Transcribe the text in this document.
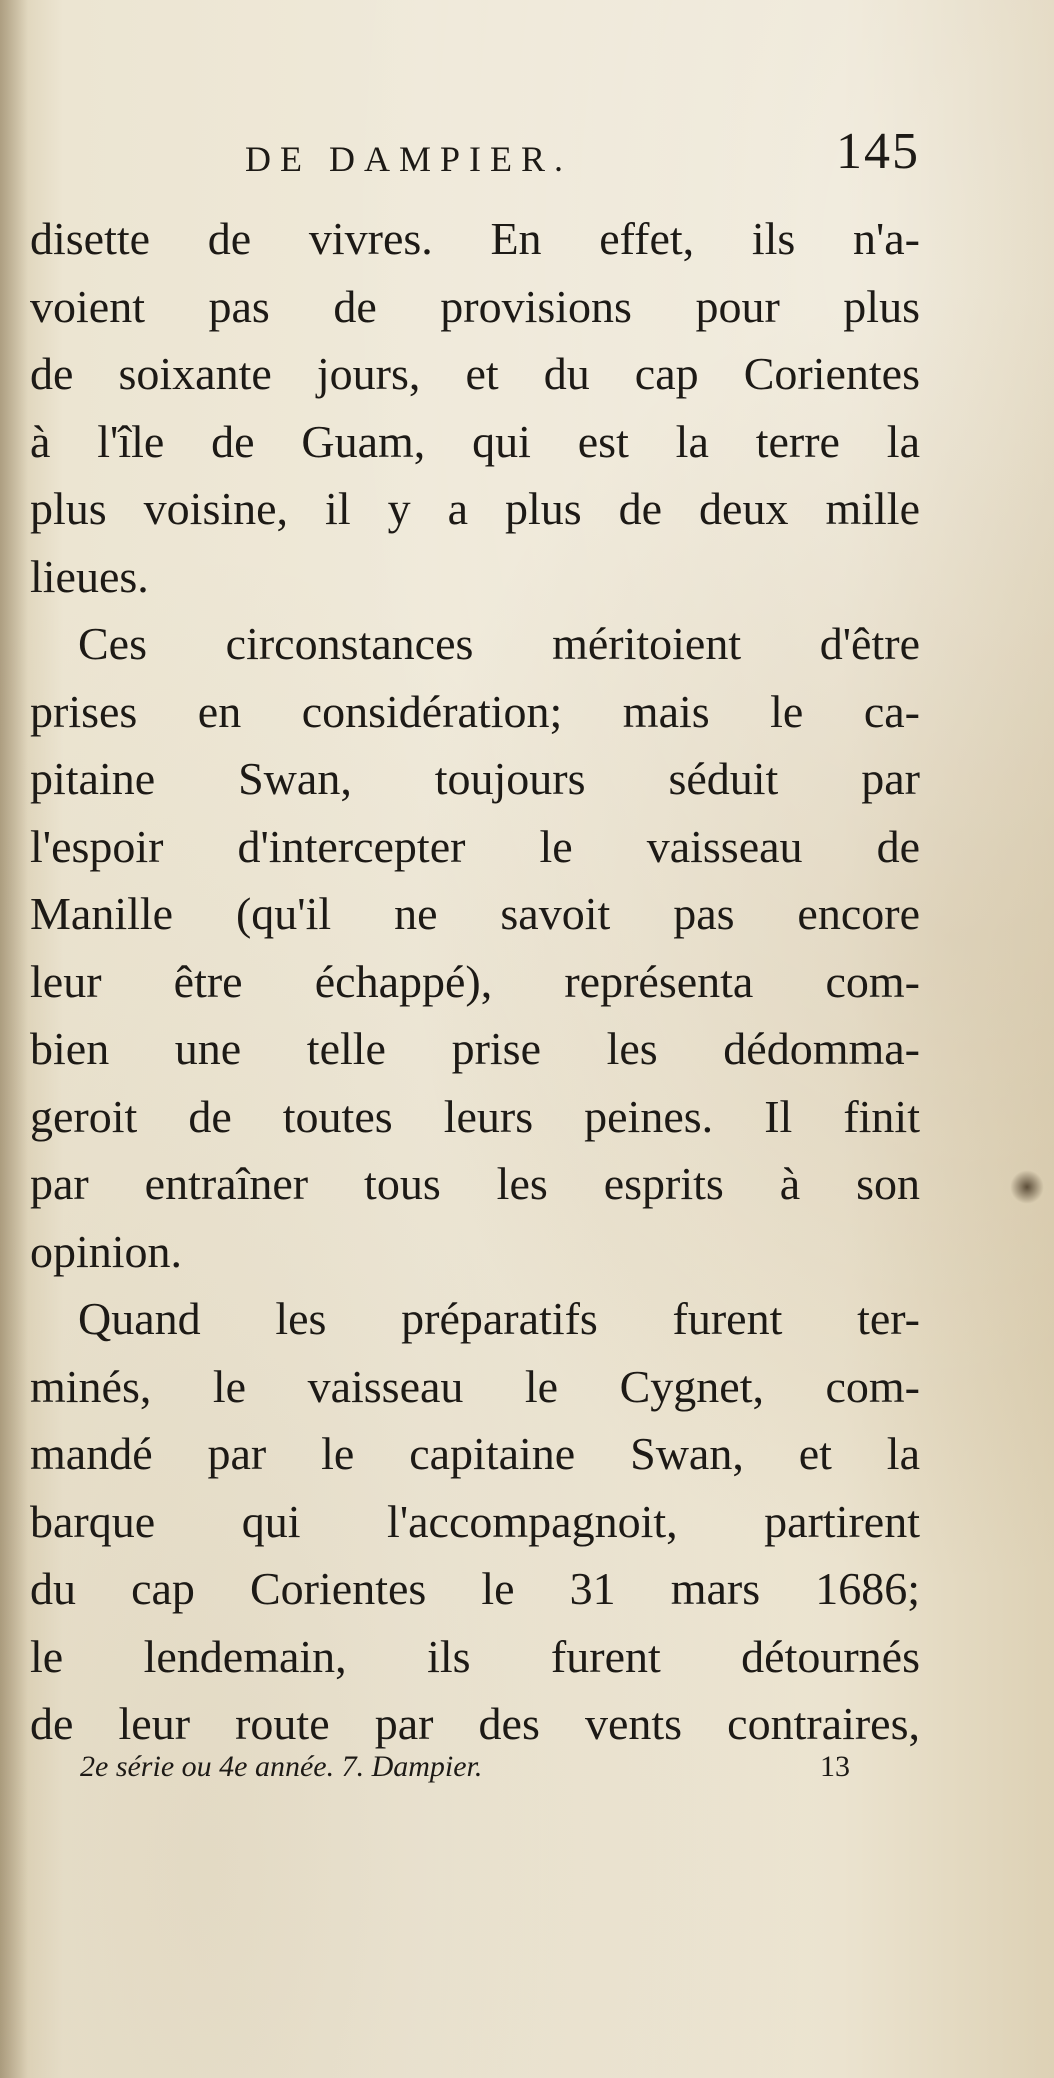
DE DAMPIER.	145
disette de vivres. En effet, ils n'a-
voient pas de provisions pour plus
de soixante jours, et du cap Corientes
à l'île de Guam, qui est la terre la
plus voisine, il y a plus de deux mille
lieues.
Ces circonstances méritoient d'être
prises en considération; mais le ca-
pitaine Swan, toujours séduit par
l'espoir d'intercepter le vaisseau de
Manille (qu'il ne savoit pas encore
leur être échappé), représenta com-
bien une telle prise les dédomma-
geroit de toutes leurs peines. Il finit
par entraîner tous les esprits à son
opinion.
Quand les préparatifs furent ter-
minés, le vaisseau le Cygnet, com-
mandé par le capitaine Swan, et la
barque qui l'accompagnoit, partirent
du cap Corientes le 31 mars 1686;
le lendemain, ils furent détournés
de leur route par des vents contraires,
2e série ou 4e année. 7. Dampier.	13
